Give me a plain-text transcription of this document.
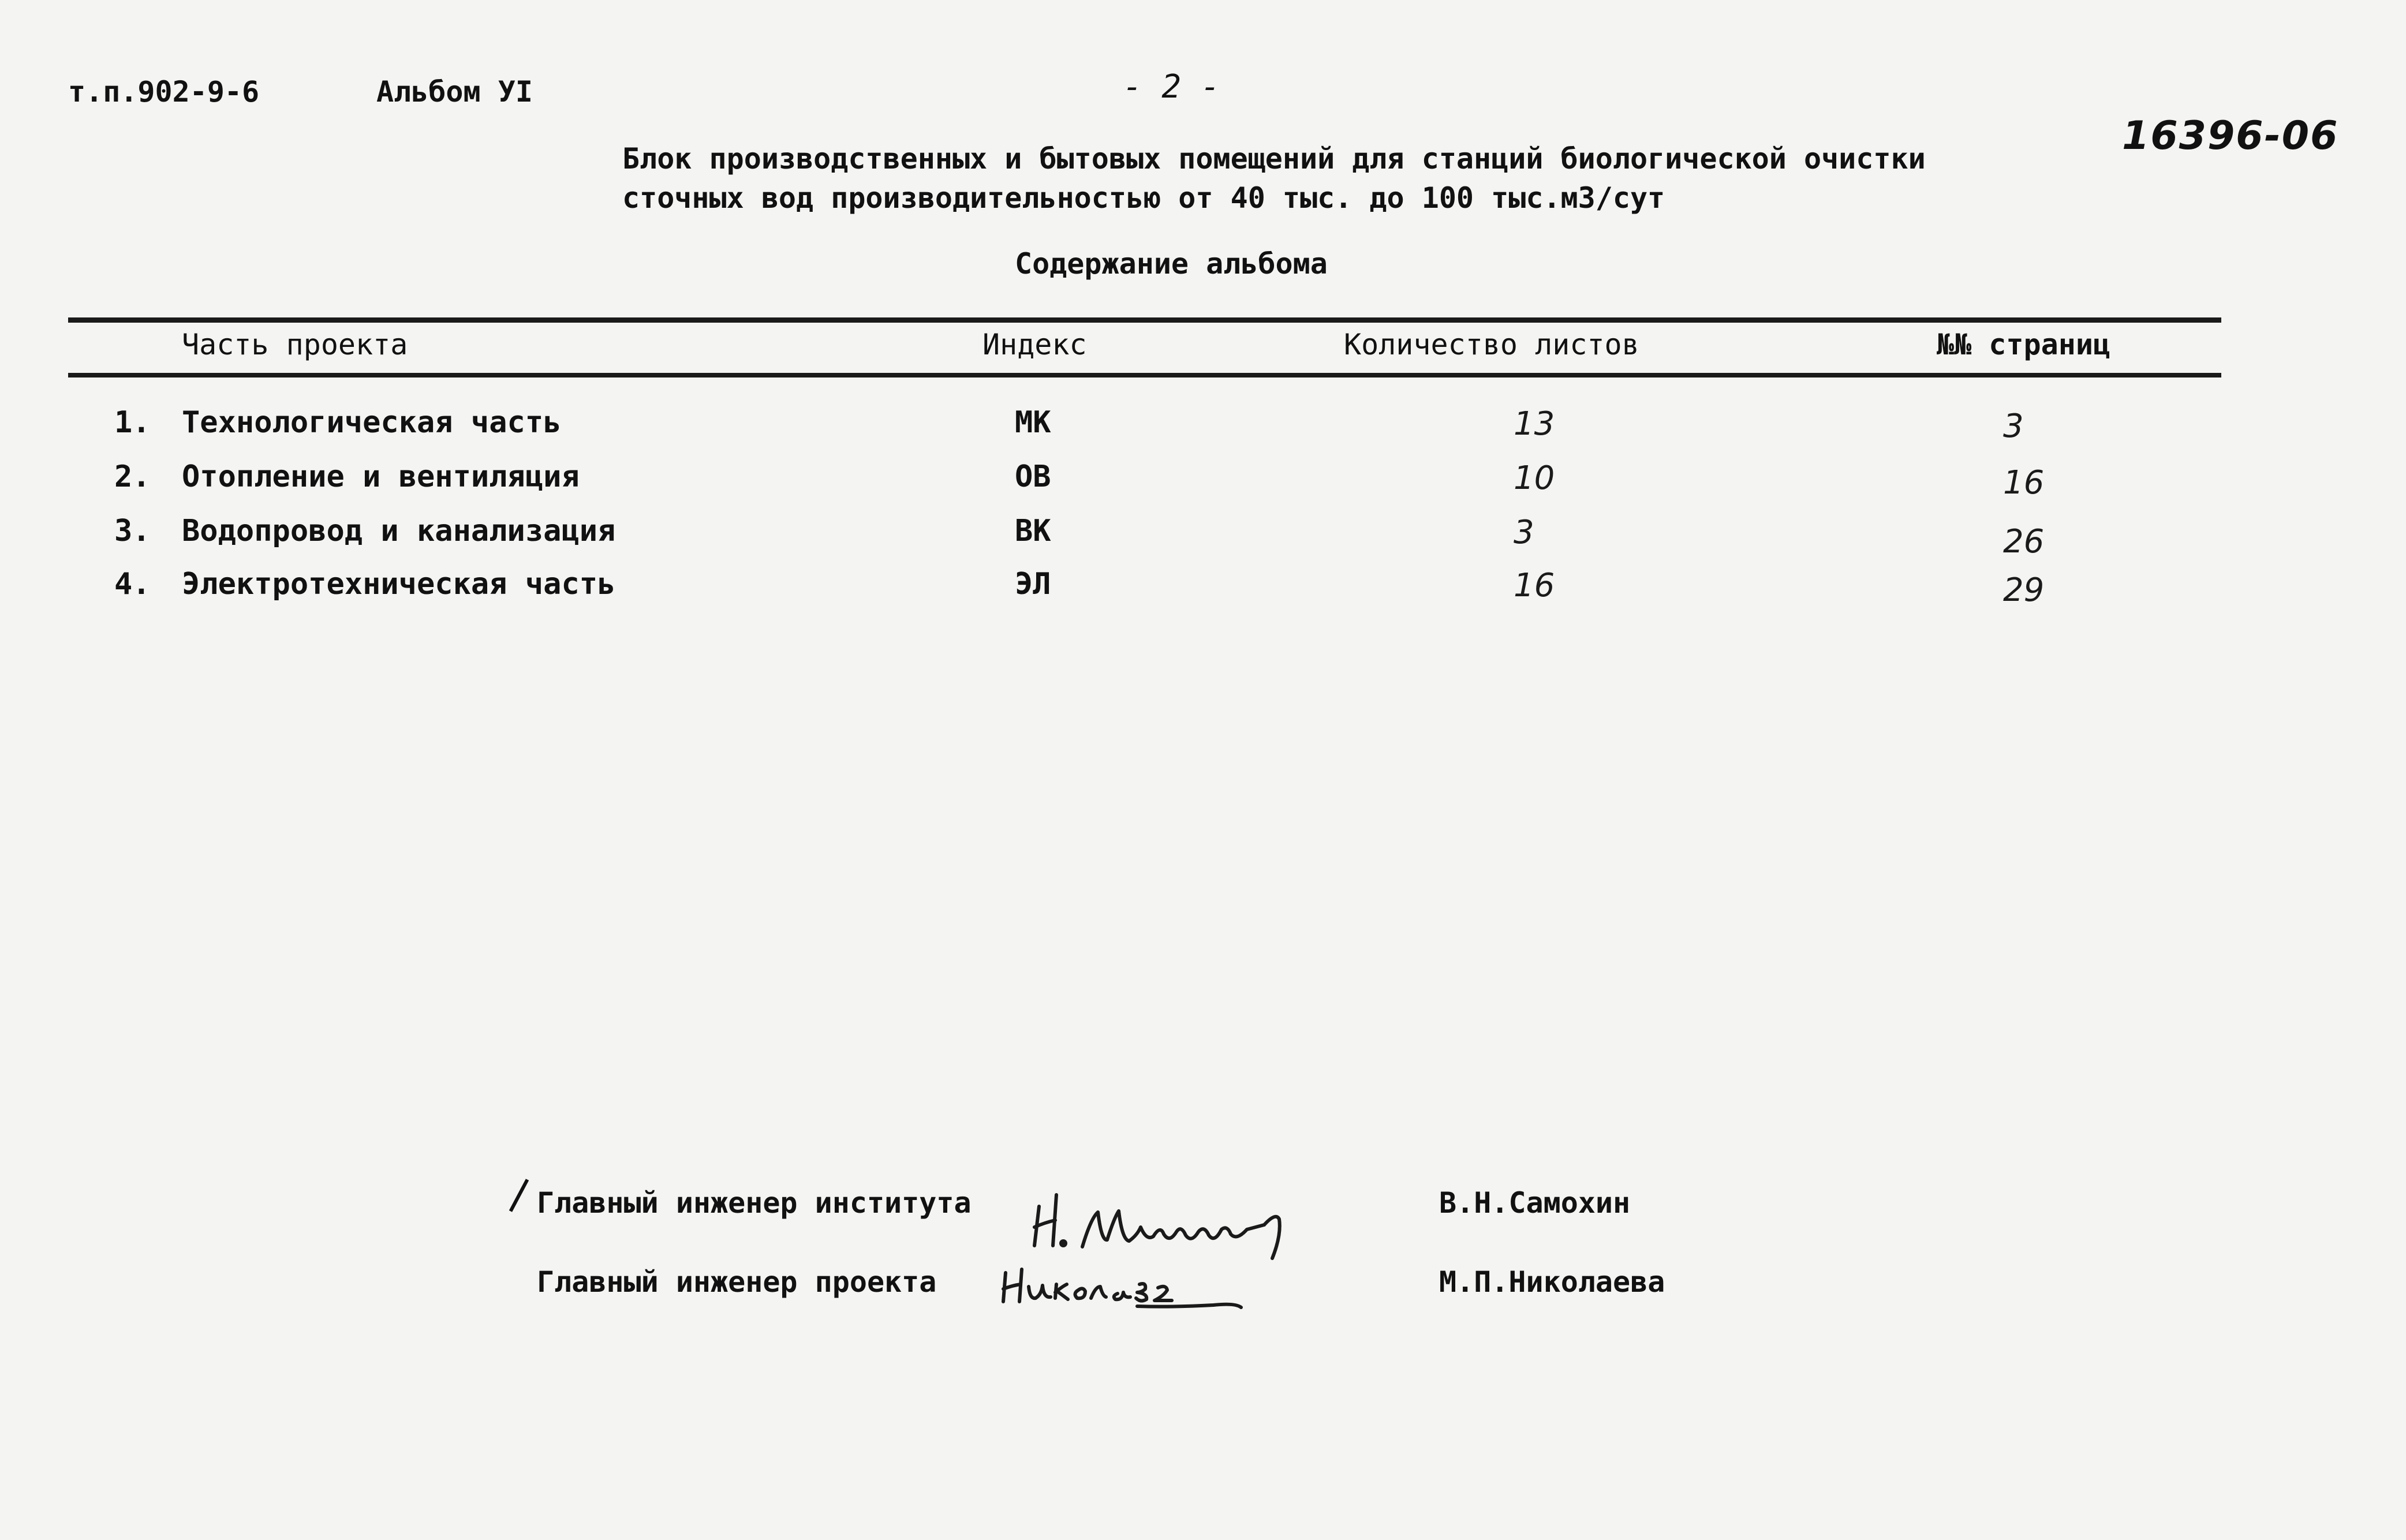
т.п.902-9-6	Альбом УI	- 2 -
16396-06
Блок производственных и бытовых помещений для станций биологической очистки
сточных вод производительностью от 40 тыс. до 100 тыс.м3/сут
Содержание альбома
Часть проекта	Индекс	Количество листов	№№ страниц
1. Технологическая часть	МК	13	3
2. Отопление и вентиляция	ОВ	10	16
3. Водопровод и канализация	ВК	3	26
4. Электротехническая часть	ЭЛ	16	29
Главный инженер института	В.Н.Самохин
Главный инженер проекта	М.П.Николаева
